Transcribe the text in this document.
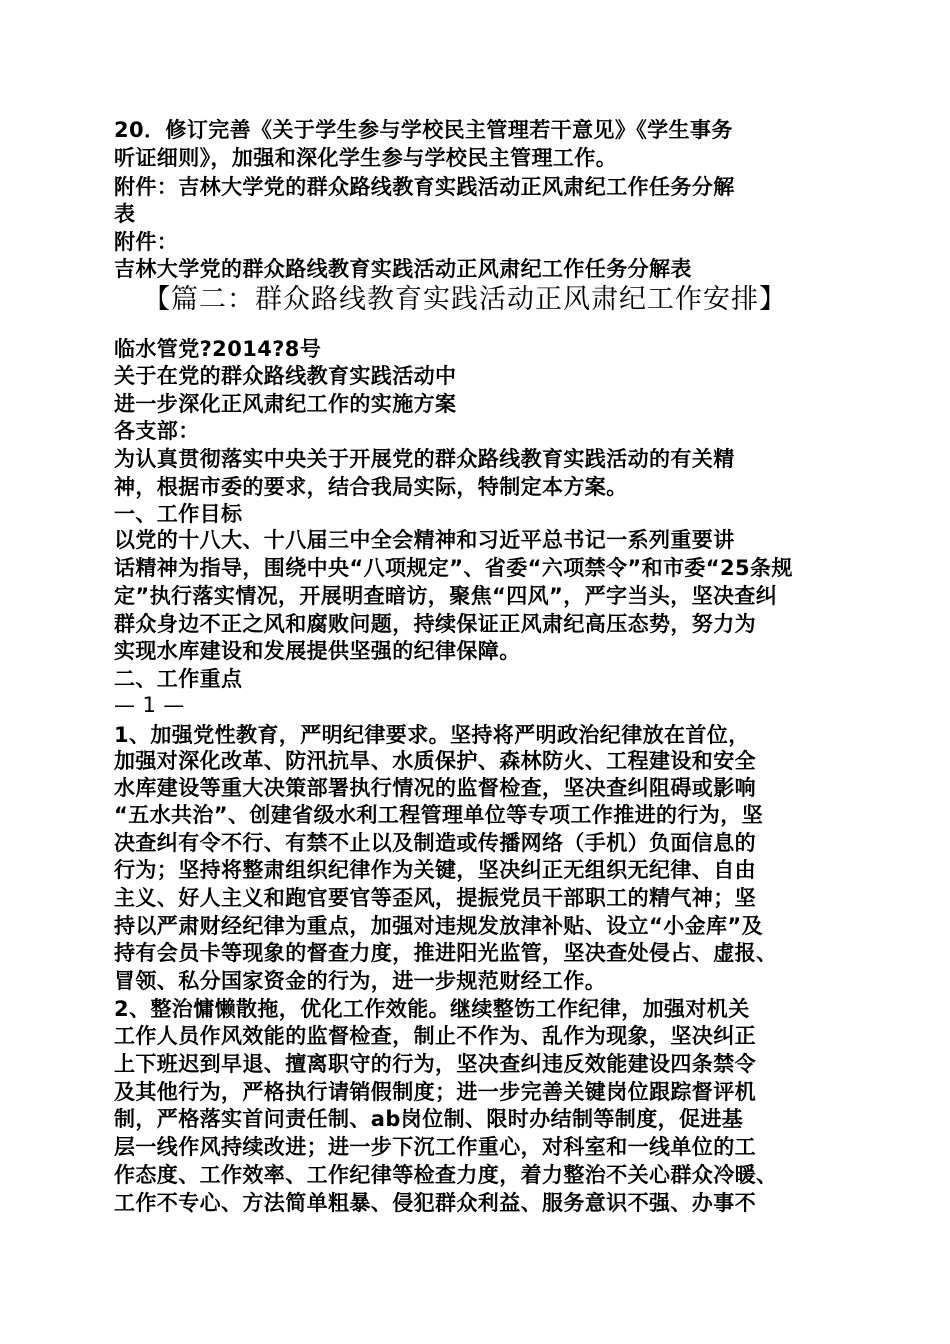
20．修订完善《关于学生参与学校民主管理若干意见》《学生事务
听证细则》，加强和深化学生参与学校民主管理工作。
附件：吉林大学党的群众路线教育实践活动正风肃纪工作任务分解
表
附件：
吉林大学党的群众路线教育实践活动正风肃纪工作任务分解表
【篇二：群众路线教育实践活动正风肃纪工作安排】
临水管党?2014?8号
关于在党的群众路线教育实践活动中
进一步深化正风肃纪工作的实施方案
各支部：
为认真贯彻落实中央关于开展党的群众路线教育实践活动的有关精
神，根据市委的要求，结合我局实际，特制定本方案。
一、工作目标
以党的十八大、十八届三中全会精神和习近平总书记一系列重要讲
话精神为指导，围绕中央“八项规定”、省委“六项禁令”和市委“25条规
定”执行落实情况，开展明查暗访，聚焦“四风”，严字当头，坚决查纠
群众身边不正之风和腐败问题，持续保证正风肃纪高压态势，努力为
实现水库建设和发展提供坚强的纪律保障。
二、工作重点
— 1 —
1、加强党性教育，严明纪律要求。坚持将严明政治纪律放在首位，
加强对深化改革、防汛抗旱、水质保护、森林防火、工程建设和安全
水库建设等重大决策部署执行情况的监督检查，坚决查纠阻碍或影响
“五水共治”、创建省级水利工程管理单位等专项工作推进的行为，坚
决查纠有令不行、有禁不止以及制造或传播网络（手机）负面信息的
行为；坚持将整肃组织纪律作为关键，坚决纠正无组织无纪律、自由
主义、好人主义和跑官要官等歪风，提振党员干部职工的精气神；坚
持以严肃财经纪律为重点，加强对违规发放津补贴、设立“小金库”及
持有会员卡等现象的督查力度，推进阳光监管，坚决查处侵占、虚报、
冒领、私分国家资金的行为，进一步规范财经工作。
2、整治慵懒散拖，优化工作效能。继续整饬工作纪律，加强对机关
工作人员作风效能的监督检查，制止不作为、乱作为现象，坚决纠正
上下班迟到早退、擅离职守的行为，坚决查纠违反效能建设四条禁令
及其他行为，严格执行请销假制度；进一步完善关键岗位跟踪督评机
制，严格落实首问责任制、ab岗位制、限时办结制等制度，促进基
层一线作风持续改进；进一步下沉工作重心，对科室和一线单位的工
作态度、工作效率、工作纪律等检查力度，着力整治不关心群众冷暖、
工作不专心、方法简单粗暴、侵犯群众利益、服务意识不强、办事不
